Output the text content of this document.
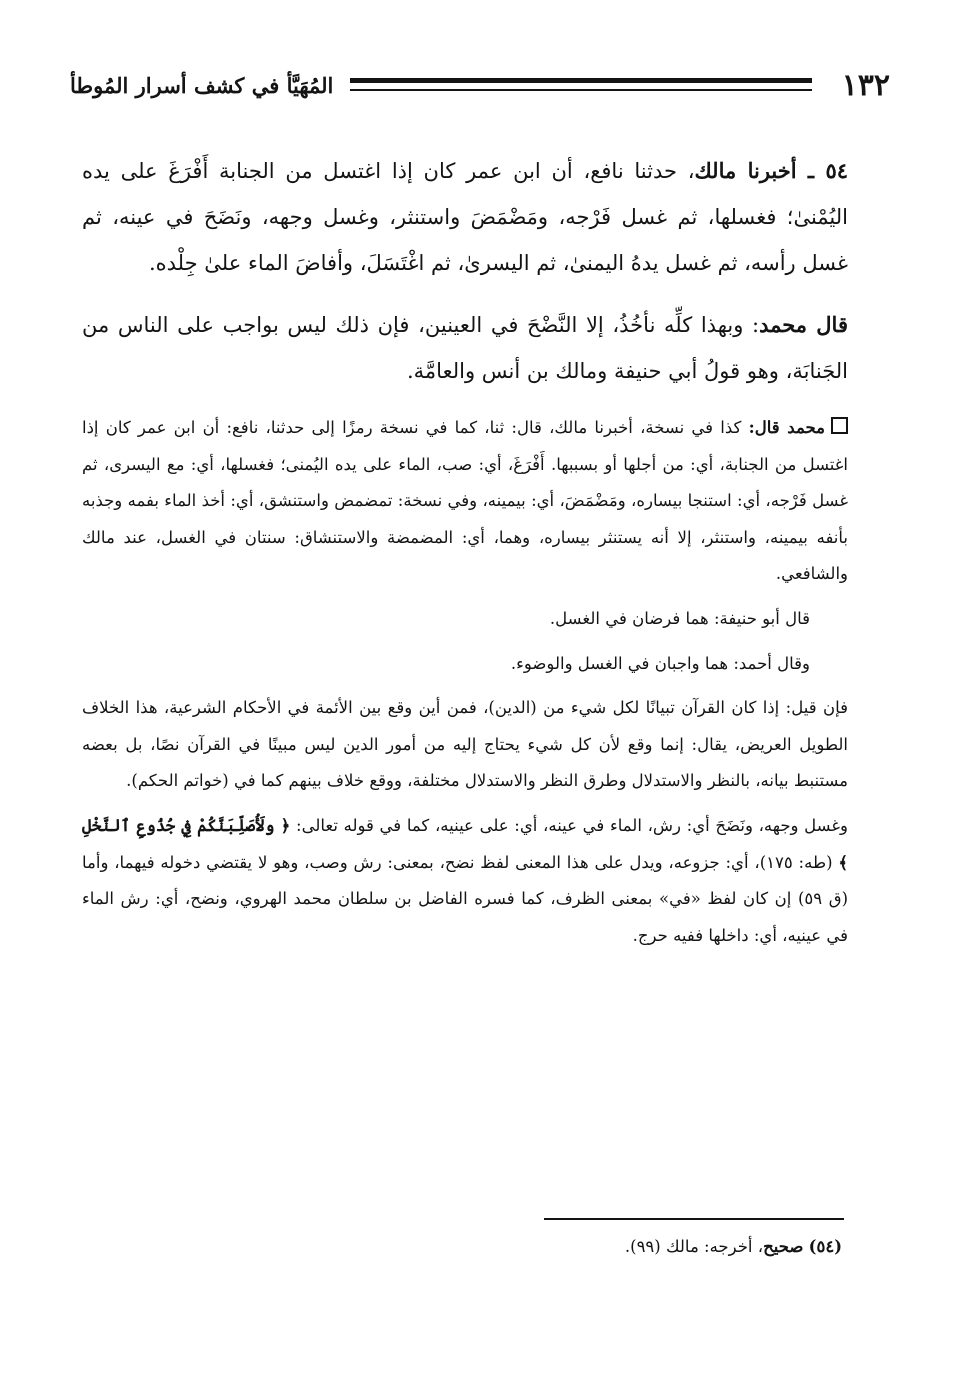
١٣٢
المُهَيَّأ في كشف أسرار المُوطأ

٥٤ ـ أخبرنا مالك، حدثنا نافع، أن ابن عمر كان إذا اغتسل من الجنابة أَفْرَغَ على يده اليُمْنىٰ؛ فغسلها، ثم غسل فَرْجه، ومَضْمَضَ واستنثر، وغسل وجهه، ونَضَحَ في عينه، ثم غسل رأسه، ثم غسل يدهُ اليمنىٰ، ثم اليسرىٰ، ثم اغْتَسَلَ، وأفاضَ الماء علىٰ جِلْده.

قال محمد: وبهذا كلِّه نأخُذُ، إلا النَّضْحَ في العينين، فإن ذلك ليس بواجب على الناس من الجَنابَة، وهو قولُ أبي حنيفة ومالك بن أنس والعامَّة.

محمد قال: كذا في نسخة، أخبرنا مالك، قال: ثنا، كما في نسخة رمزًا إلى حدثنا، نافع: أن ابن عمر كان إذا اغتسل من الجنابة، أي: من أجلها أو بسببها. أَفْرَغَ، أي: صب، الماء على يده اليُمنى؛ فغسلها، أي: مع اليسرى، ثم غسل فَرْجه، أي: استنجا بيساره، ومَضْمَضَ، أي: بيمينه، وفي نسخة: تمضمض واستنشق، أي: أخذ الماء بفمه وجذبه بأنفه بيمينه، واستنثر، إلا أنه يستنثر بيساره، وهما، أي: المضمضة والاستنشاق: سنتان في الغسل، عند مالك والشافعي.

قال أبو حنيفة: هما فرضان في الغسل.

وقال أحمد: هما واجبان في الغسل والوضوء.

فإن قيل: إذا كان القرآن تبيانًا لكل شيء من (الدين)، فمن أين وقع بين الأئمة في الأحكام الشرعية، هذا الخلاف الطويل العريض، يقال: إنما وقع لأن كل شيء يحتاج إليه من أمور الدين ليس مبينًا في القرآن نصًا، بل بعضه مستنبط بيانه، بالنظر والاستدلال وطرق النظر والاستدلال مختلفة، ووقع خلاف بينهم كما في (خواتم الحكم).

وغسل وجهه، ونَضَحَ أي: رش، الماء في عينه، أي: على عينيه، كما في قوله تعالى: ﴿ ولَأُصَلِّبَنَّكُمْ فِي جُذُوعِ ٱلنَّخْلِ ﴾ (طه: ١٧٥)، أي: جزوعه، ويدل على هذا المعنى لفظ نضح، بمعنى: رش وصب، وهو لا يقتضي دخوله فيهما، وأما (ق ٥٩) إن كان لفظ «في» بمعنى الظرف، كما فسره الفاضل بن سلطان محمد الهروي، ونضح، أي: رش الماء في عينيه، أي: داخلها ففيه حرج.

(٥٤) صحيح، أخرجه: مالك (٩٩).
